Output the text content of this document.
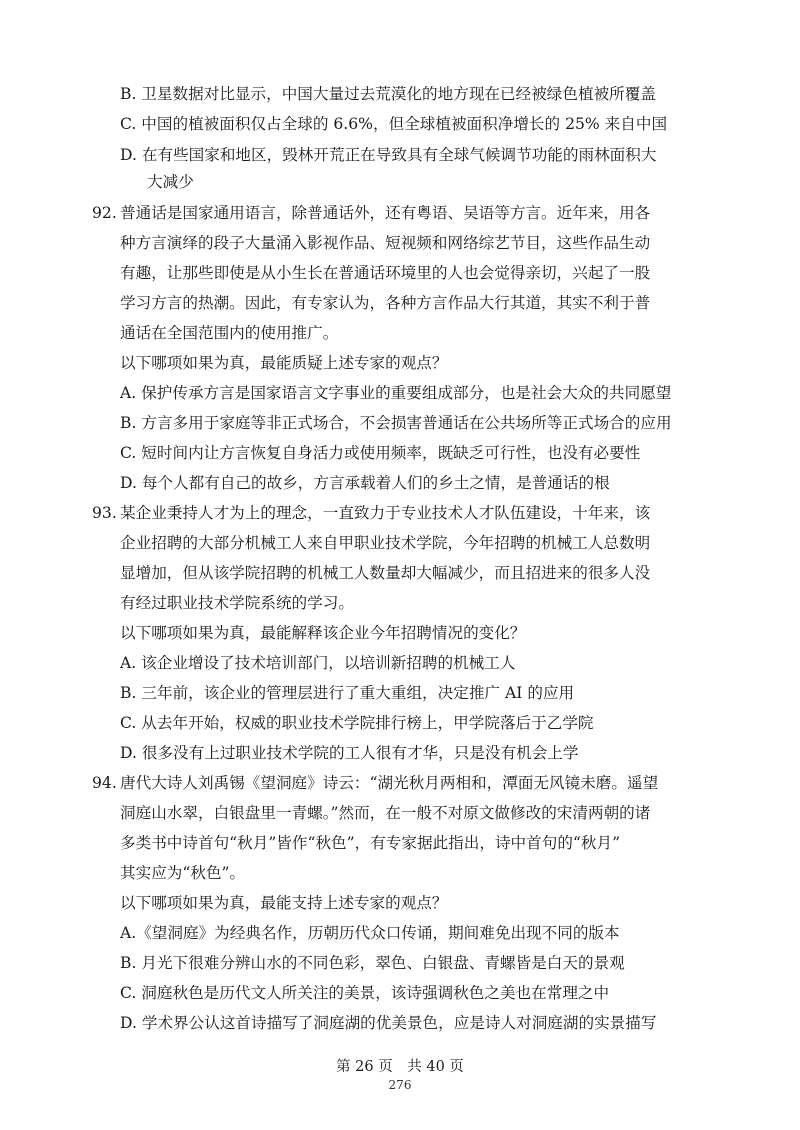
B. 卫星数据对比显示，中国大量过去荒漠化的地方现在已经被绿色植被所覆盖
C. 中国的植被面积仅占全球的 6.6%，但全球植被面积净增长的 25% 来自中国
D. 在有些国家和地区，毁林开荒正在导致具有全球气候调节功能的雨林面积大
大减少
92. 普通话是国家通用语言，除普通话外，还有粤语、吴语等方言。近年来，用各
种方言演绎的段子大量涌入影视作品、短视频和网络综艺节目，这些作品生动
有趣，让那些即使是从小生长在普通话环境里的人也会觉得亲切，兴起了一股
学习方言的热潮。因此，有专家认为，各种方言作品大行其道，其实不利于普
通话在全国范围内的使用推广。
以下哪项如果为真，最能质疑上述专家的观点？
A. 保护传承方言是国家语言文字事业的重要组成部分，也是社会大众的共同愿望
B. 方言多用于家庭等非正式场合，不会损害普通话在公共场所等正式场合的应用
C. 短时间内让方言恢复自身活力或使用频率，既缺乏可行性，也没有必要性
D. 每个人都有自己的故乡，方言承载着人们的乡土之情，是普通话的根
93. 某企业秉持人才为上的理念，一直致力于专业技术人才队伍建设，十年来，该
企业招聘的大部分机械工人来自甲职业技术学院，今年招聘的机械工人总数明
显增加，但从该学院招聘的机械工人数量却大幅减少，而且招进来的很多人没
有经过职业技术学院系统的学习。
以下哪项如果为真，最能解释该企业今年招聘情况的变化？
A. 该企业增设了技术培训部门，以培训新招聘的机械工人
B. 三年前，该企业的管理层进行了重大重组，决定推广 AI 的应用
C. 从去年开始，权威的职业技术学院排行榜上，甲学院落后于乙学院
D. 很多没有上过职业技术学院的工人很有才华，只是没有机会上学
94. 唐代大诗人刘禹锡《望洞庭》诗云：“湖光秋月两相和，潭面无风镜未磨。遥望
洞庭山水翠，白银盘里一青螺。”然而，在一般不对原文做修改的宋清两朝的诸
多类书中诗首句“秋月”皆作“秋色”，有专家据此指出，诗中首句的“秋月”
其实应为“秋色”。
以下哪项如果为真，最能支持上述专家的观点？
A.《望洞庭》为经典名作，历朝历代众口传诵，期间难免出现不同的版本
B. 月光下很难分辨山水的不同色彩，翠色、白银盘、青螺皆是白天的景观
C. 洞庭秋色是历代文人所关注的美景，该诗强调秋色之美也在常理之中
D. 学术界公认这首诗描写了洞庭湖的优美景色，应是诗人对洞庭湖的实景描写
第 26 页　共 40 页
276
